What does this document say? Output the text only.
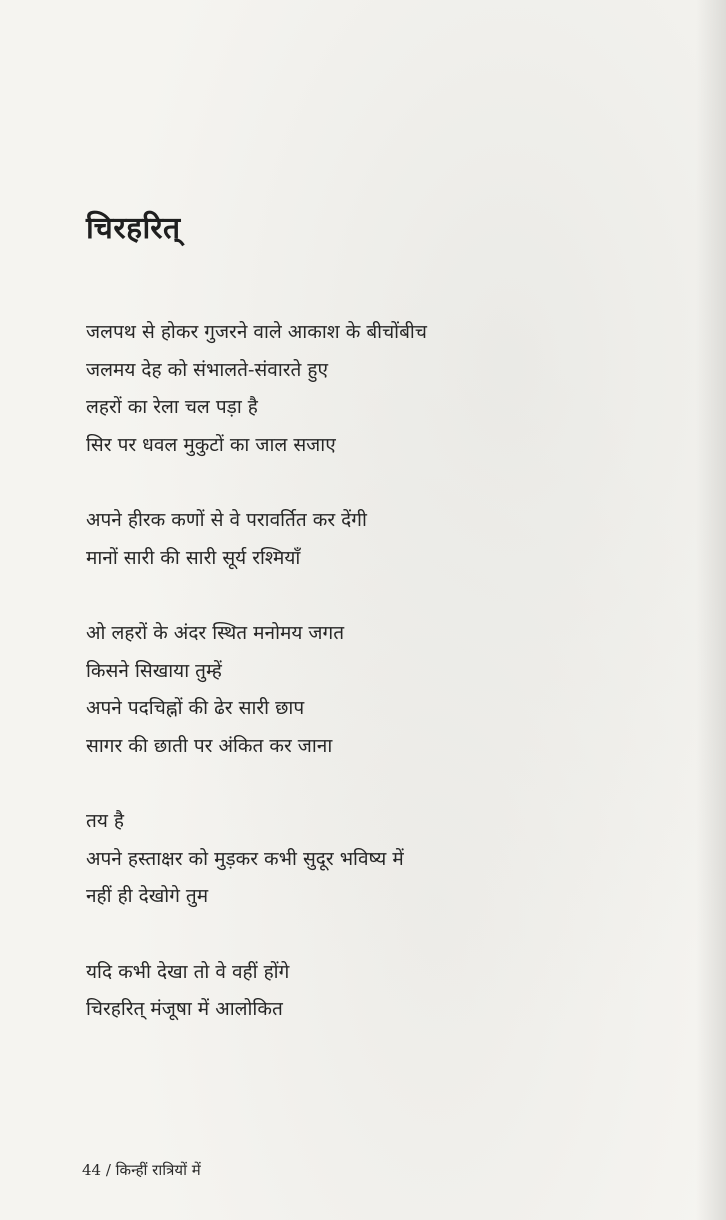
चिरहरित्
जलपथ से होकर गुजरने वाले आकाश के बीचोंबीच
जलमय देह को संभालते-संवारते हुए
लहरों का रेला चल पड़ा है
सिर पर धवल मुकुटों का जाल सजाए
अपने हीरक कणों से वे परावर्तित कर देंगी
मानों सारी की सारी सूर्य रश्मियाँ
ओ लहरों के अंदर स्थित मनोमय जगत
किसने सिखाया तुम्हें
अपने पदचिह्नों की ढेर सारी छाप
सागर की छाती पर अंकित कर जाना
तय है
अपने हस्ताक्षर को मुड़कर कभी सुदूर भविष्य में
नहीं ही देखोगे तुम
यदि कभी देखा तो वे वहीं होंगे
चिरहरित् मंजूषा में आलोकित
44 / किन्हीं रात्रियों में
